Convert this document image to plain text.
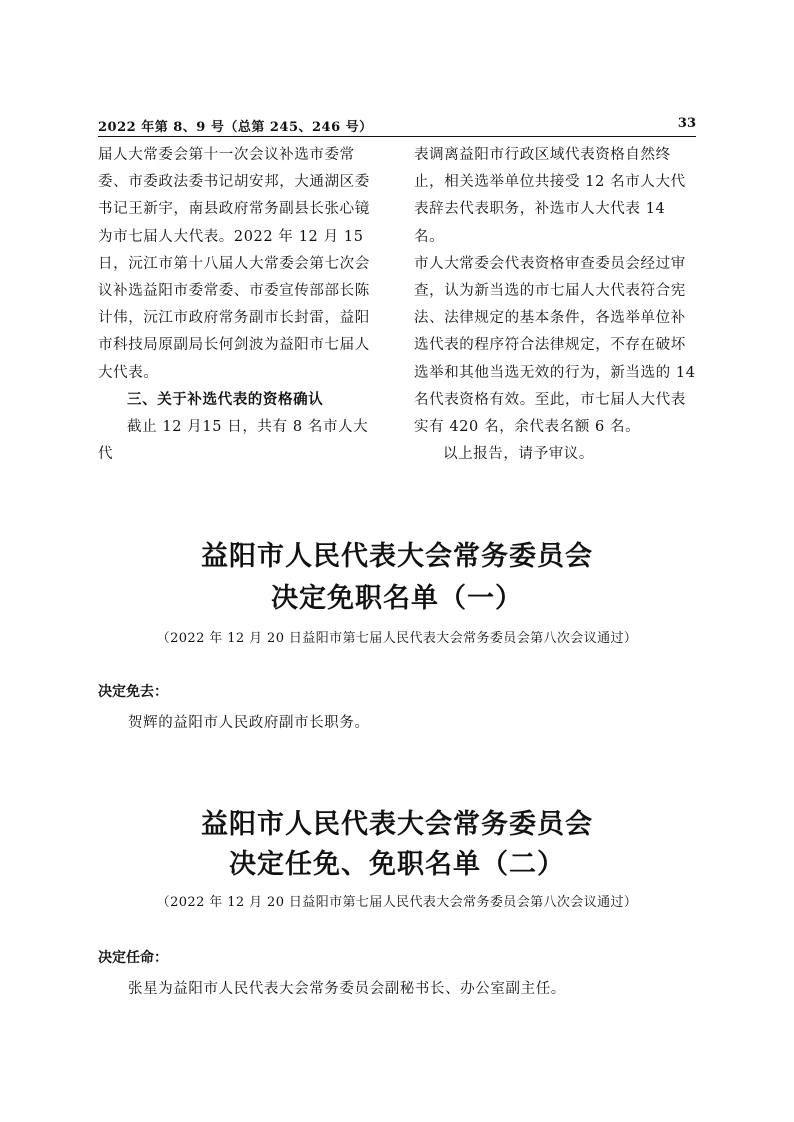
2022 年第 8、9 号（总第 245、246 号）	33

届人大常委会第十一次会议补选市委常委、市委政法委书记胡安邦，大通湖区委书记王新宇，南县政府常务副县长张心镜为市七届人大代表。2022 年 12 月 15 日，沅江市第十八届人大常委会第七次会议补选益阳市委常委、市委宣传部部长陈计伟，沅江市政府常务副市长封雷，益阳市科技局原副局长何剑波为益阳市七届人大代表。

三、关于补选代表的资格确认

截止 12 月15 日，共有 8 名市人大代

表调离益阳市行政区域代表资格自然终止，相关选举单位共接受 12 名市人大代表辞去代表职务，补选市人大代表 14 名。

市人大常委会代表资格审查委员会经过审查，认为新当选的市七届人大代表符合宪法、法律规定的基本条件，各选举单位补选代表的程序符合法律规定，不存在破坏选举和其他当选无效的行为，新当选的 14 名代表资格有效。至此，市七届人大代表实有 420 名，余代表名额 6 名。

以上报告，请予审议。

益阳市人民代表大会常务委员会
决定免职名单（一）

（2022 年 12 月 20 日益阳市第七届人民代表大会常务委员会第八次会议通过）

决定免去：

贺辉的益阳市人民政府副市长职务。

益阳市人民代表大会常务委员会
决定任免、免职名单（二）

（2022 年 12 月 20 日益阳市第七届人民代表大会常务委员会第八次会议通过）

决定任命：

张星为益阳市人民代表大会常务委员会副秘书长、办公室副主任。
